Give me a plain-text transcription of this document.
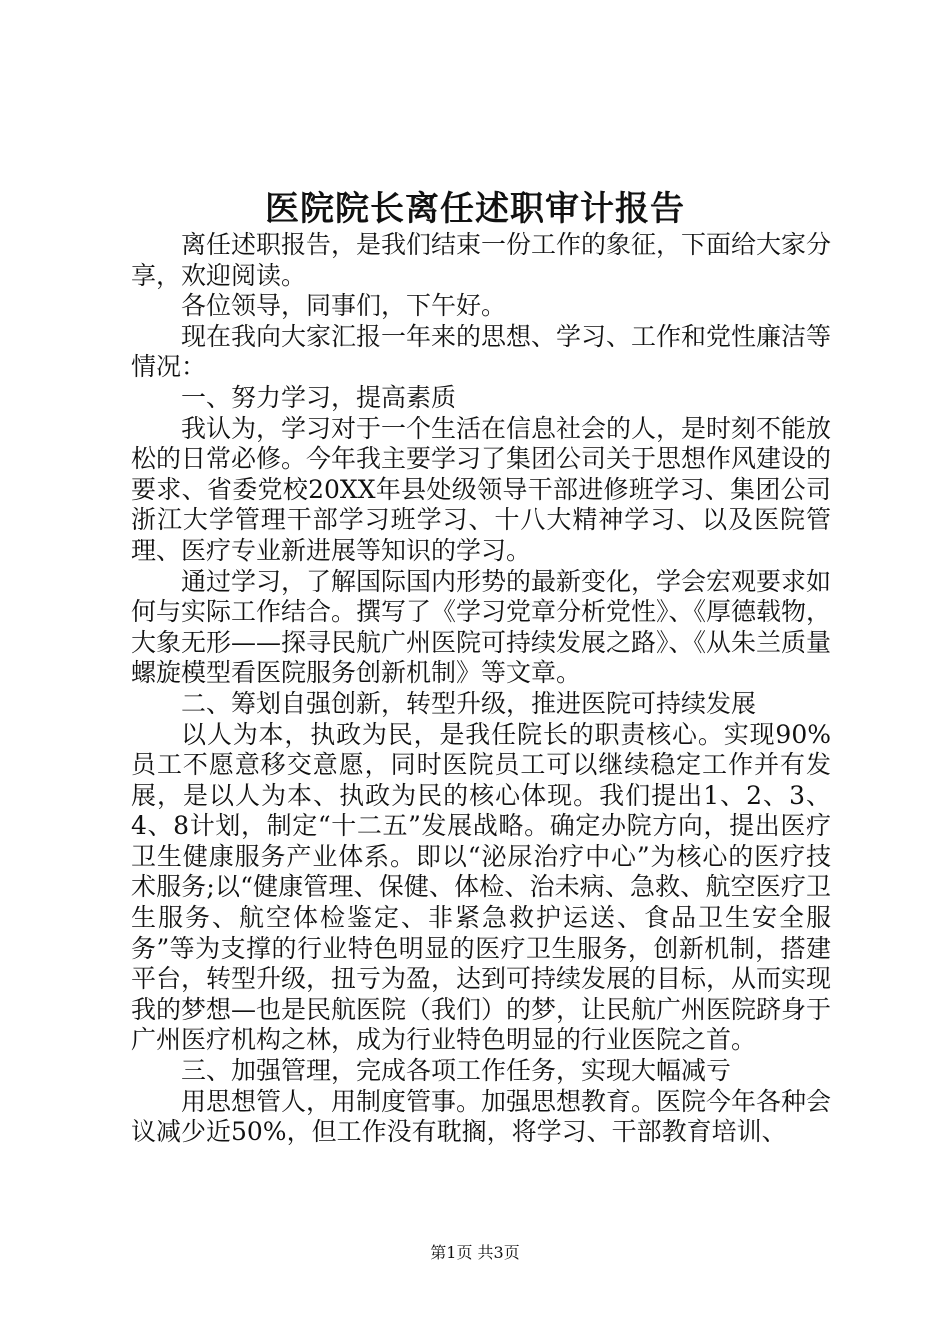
医院院长离任述职审计报告

离任述职报告，是我们结束一份工作的象征，下面给大家分享，欢迎阅读。

各位领导，同事们，下午好。

现在我向大家汇报一年来的思想、学习、工作和党性廉洁等情况：

一、努力学习，提高素质

我认为，学习对于一个生活在信息社会的人，是时刻不能放松的日常必修。今年我主要学习了集团公司关于思想作风建设的要求、省委党校20XX年县处级领导干部进修班学习、集团公司浙江大学管理干部学习班学习、十八大精神学习、以及医院管理、医疗专业新进展等知识的学习。

通过学习，了解国际国内形势的最新变化，学会宏观要求如何与实际工作结合。撰写了《学习党章分析党性》、《厚德载物，大象无形——探寻民航广州医院可持续发展之路》、《从朱兰质量螺旋模型看医院服务创新机制》等文章。

二、筹划自强创新，转型升级，推进医院可持续发展

以人为本，执政为民，是我任院长的职责核心。实现90%员工不愿意移交意愿，同时医院员工可以继续稳定工作并有发展，是以人为本、执政为民的核心体现。我们提出1、2、3、4、8计划，制定“十二五”发展战略。确定办院方向，提出医疗卫生健康服务产业体系。即以“泌尿治疗中心”为核心的医疗技术服务;以“健康管理、保健、体检、治未病、急救、航空医疗卫生服务、航空体检鉴定、非紧急救护运送、食品卫生安全服务”等为支撑的行业特色明显的医疗卫生服务，创新机制，搭建平台，转型升级，扭亏为盈，达到可持续发展的目标，从而实现我的梦想—也是民航医院（我们）的梦，让民航广州医院跻身于广州医疗机构之林，成为行业特色明显的行业医院之首。

三、加强管理，完成各项工作任务，实现大幅减亏

用思想管人，用制度管事。加强思想教育。医院今年各种会议减少近50%，但工作没有耽搁，将学习、干部教育培训、

第1页 共3页
